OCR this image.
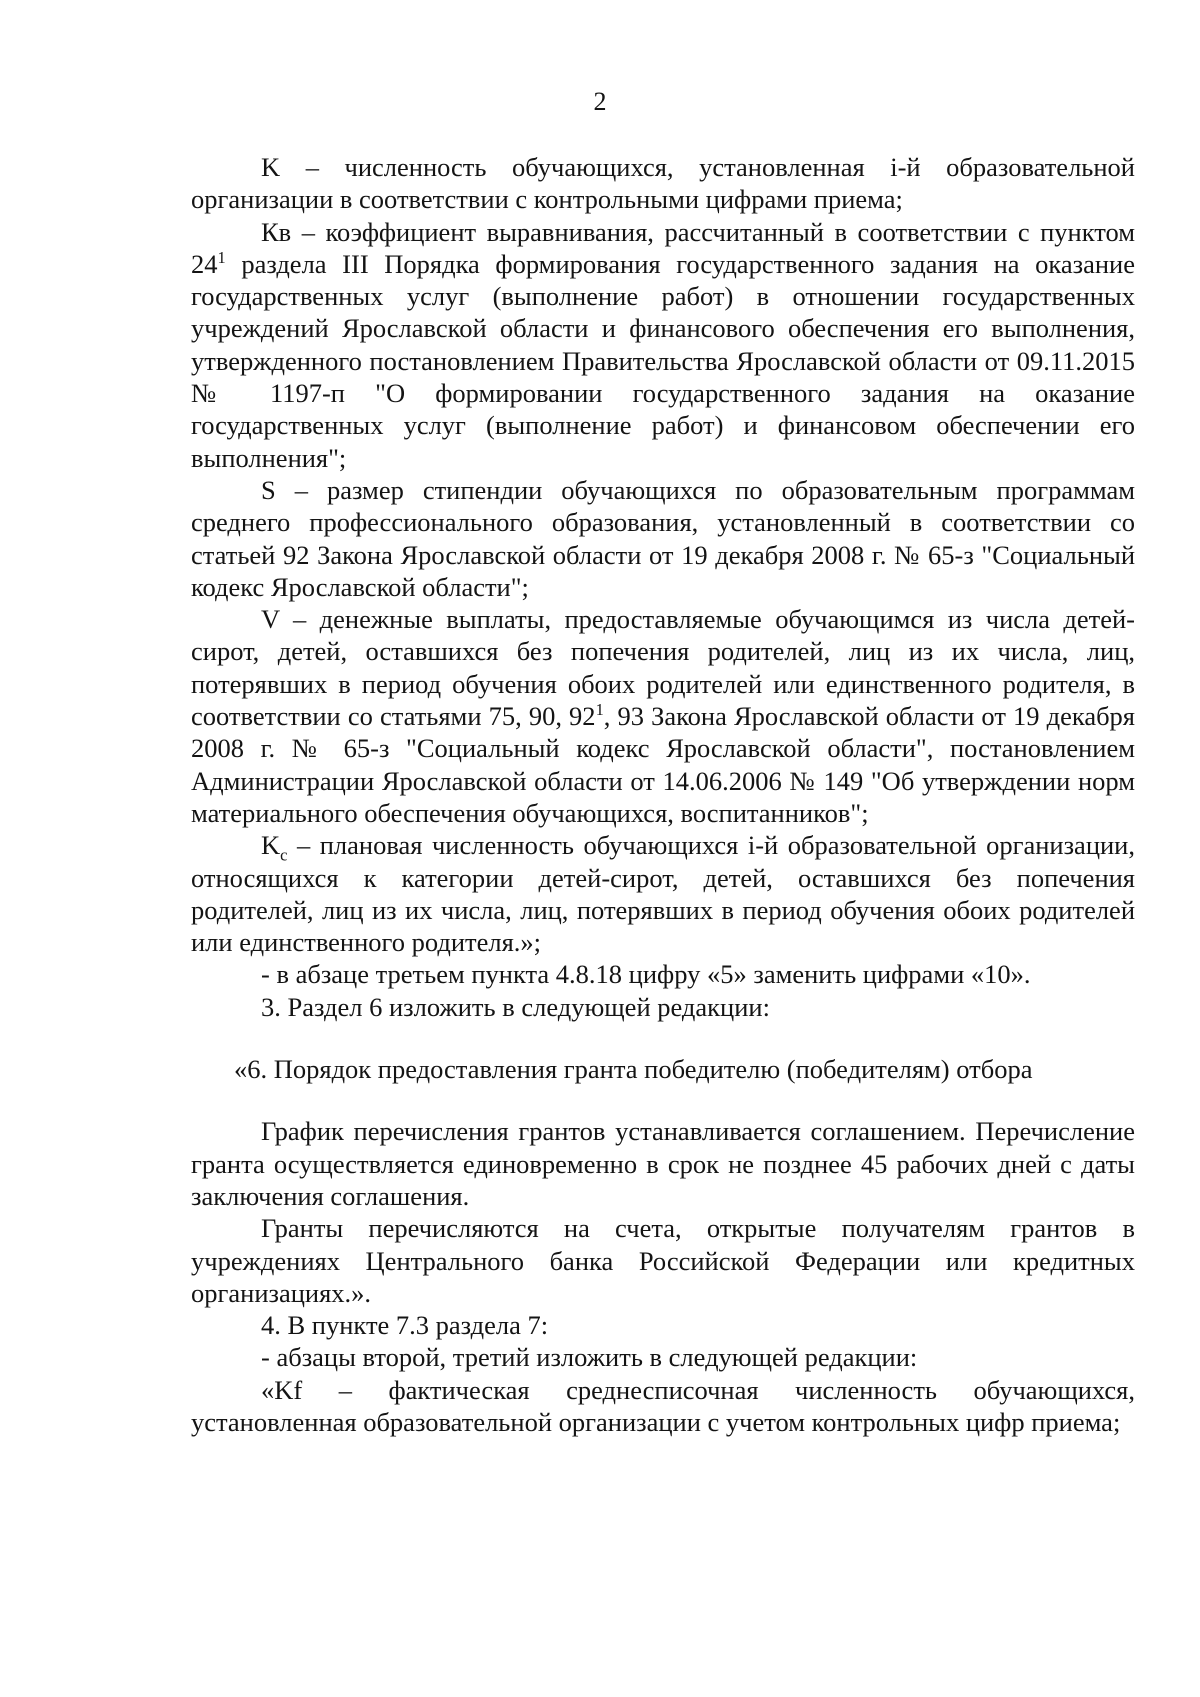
2

K – численность обучающихся, установленная i-й образовательной организации в соответствии с контрольными цифрами приема;

Кв – коэффициент выравнивания, рассчитанный в соответствии с пунктом $24^1$ раздела III Порядка формирования государственного задания на оказание государственных услуг (выполнение работ) в отношении государственных учреждений Ярославской области и финансового обеспечения его выполнения, утвержденного постановлением Правительства Ярославской области от 09.11.2015 № 1197-п "О формировании государственного задания на оказание государственных услуг (выполнение работ) и финансовом обеспечении его выполнения";

S – размер стипендии обучающихся по образовательным программам среднего профессионального образования, установленный в соответствии со статьей 92 Закона Ярославской области от 19 декабря 2008 г. № 65-з "Социальный кодекс Ярославской области";

V – денежные выплаты, предоставляемые обучающимся из числа детей-сирот, детей, оставшихся без попечения родителей, лиц из их числа, лиц, потерявших в период обучения обоих родителей или единственного родителя, в соответствии со статьями 75, 90, $92^1$, 93 Закона Ярославской области от 19 декабря 2008 г. № 65-з "Социальный кодекс Ярославской области", постановлением Администрации Ярославской области от 14.06.2006 № 149 "Об утверждении норм материального обеспечения обучающихся, воспитанников";

$K_c$ – плановая численность обучающихся i-й образовательной организации, относящихся к категории детей-сирот, детей, оставшихся без попечения родителей, лиц из их числа, лиц, потерявших в период обучения обоих родителей или единственного родителя.»;

- в абзаце третьем пункта 4.8.18 цифру «5» заменить цифрами «10».

3. Раздел 6 изложить в следующей редакции:

«6. Порядок предоставления гранта победителю (победителям) отбора

График перечисления грантов устанавливается соглашением. Перечисление гранта осуществляется единовременно в срок не позднее 45 рабочих дней с даты заключения соглашения.

Гранты перечисляются на счета, открытые получателям грантов в учреждениях Центрального банка Российской Федерации или кредитных организациях.».

4. В пункте 7.3 раздела 7:

- абзацы второй, третий изложить в следующей редакции:

«Kf – фактическая среднесписочная численность обучающихся, установленная образовательной организации с учетом контрольных цифр приема;
